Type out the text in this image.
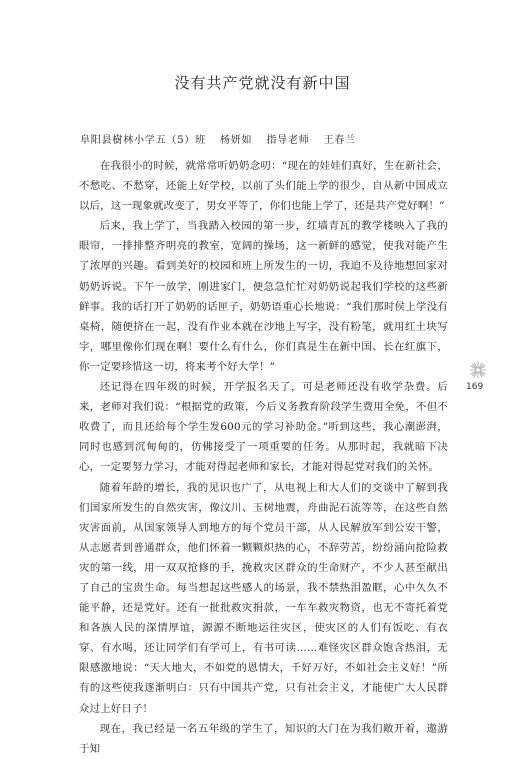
没有共产党就没有新中国
阜阳县樹林小学五（5）班 杨妍如 指导老师 王春兰

在我很小的时候，就常常听奶奶念叨：“现在的娃娃们真好，生在新社会，不愁吃、不愁穿，还能上好学校，以前了头们能上学的很少，自从新中国成立以后，这一现象就改变了，男女平等了，你们也能上学了，还是共产党好啊！”

后来，我上学了，当我踏入校园的第一步，红墙青瓦的教学楼映入了我的眼帘，一排排整齐明亮的教室，宽阔的操场，这一新鲜的感觉，使我对能产生了浓厚的兴趣。看到美好的校园和班上所发生的一切，我迫不及待地想回家对奶奶诉说。下午一放学，刚进家门，便急急忙忙对奶奶说起我们学校的这些新鲜事。我的话打开了奶奶的话匣子，奶奶语重心长地说：“我们那时侯上学没有桌椅，随便挤在一起，没有作业本就在沙地上写字，没有粉笔，就用红土块写字，哪里像你们现在啊！要什么有什么，你们真是生在新中国、长在红旗下，你一定要珍惜这一切，将来考个好大学！”

还记得在四年级的时候，开学报名天了，可是老师还没有收学杂费。后来，老师对我们说：“根据党的政策，今后义务教育阶段学生费用全免，不但不收费了，而且还给每个学生发600元的学习补助金。”听到这些，我心潮澎湃，同时也感到沉甸甸的，仿佛接受了一项重要的任务。从那时起，我就暗下决心，一定要努力学习，才能对得起老师和家长，才能对得起党对我们的关怀。

随着年龄的增长，我的见识也广了，从电视上和大人们的交谈中了解到我们国家所发生的自然灾害，像汶川、玉树地震，舟曲泥石流等等，在这些自然灾害面前，从国家领导人到地方的每个党员干部，从人民解放军到公安干警，从志愿者到普通群众，他们怀着一颗颗炽热的心，不辞劳苦，纷纷涌向抢险救灾的第一线，用一双双抢修的手，挽救灾区群众的生命财产，不少人甚至献出了自己的宝贵生命。每当想起这些感人的场景，我不禁热泪盈眶，心中久久不能平静，还是党好。还有一批批救灾捐款，一车车救灾物资，也无不寄托着党和各族人民的深情厚谊，源源不断地运往灾区，使灾区的人们有饭吃、有衣穿、有水喝，还让同学们有学可上，有书可读……难怪灾区群众饱含热泪，无限感激地说：“天大地大，不如党的恩情大，千好万好，不如社会主义好！”所有的这些使我逐渐明白：只有中国共产党，只有社会主义，才能使广大人民群众过上好日子！

现在，我已经是一名五年级的学生了，知识的大门在为我们敞开着，遨游于知

169
